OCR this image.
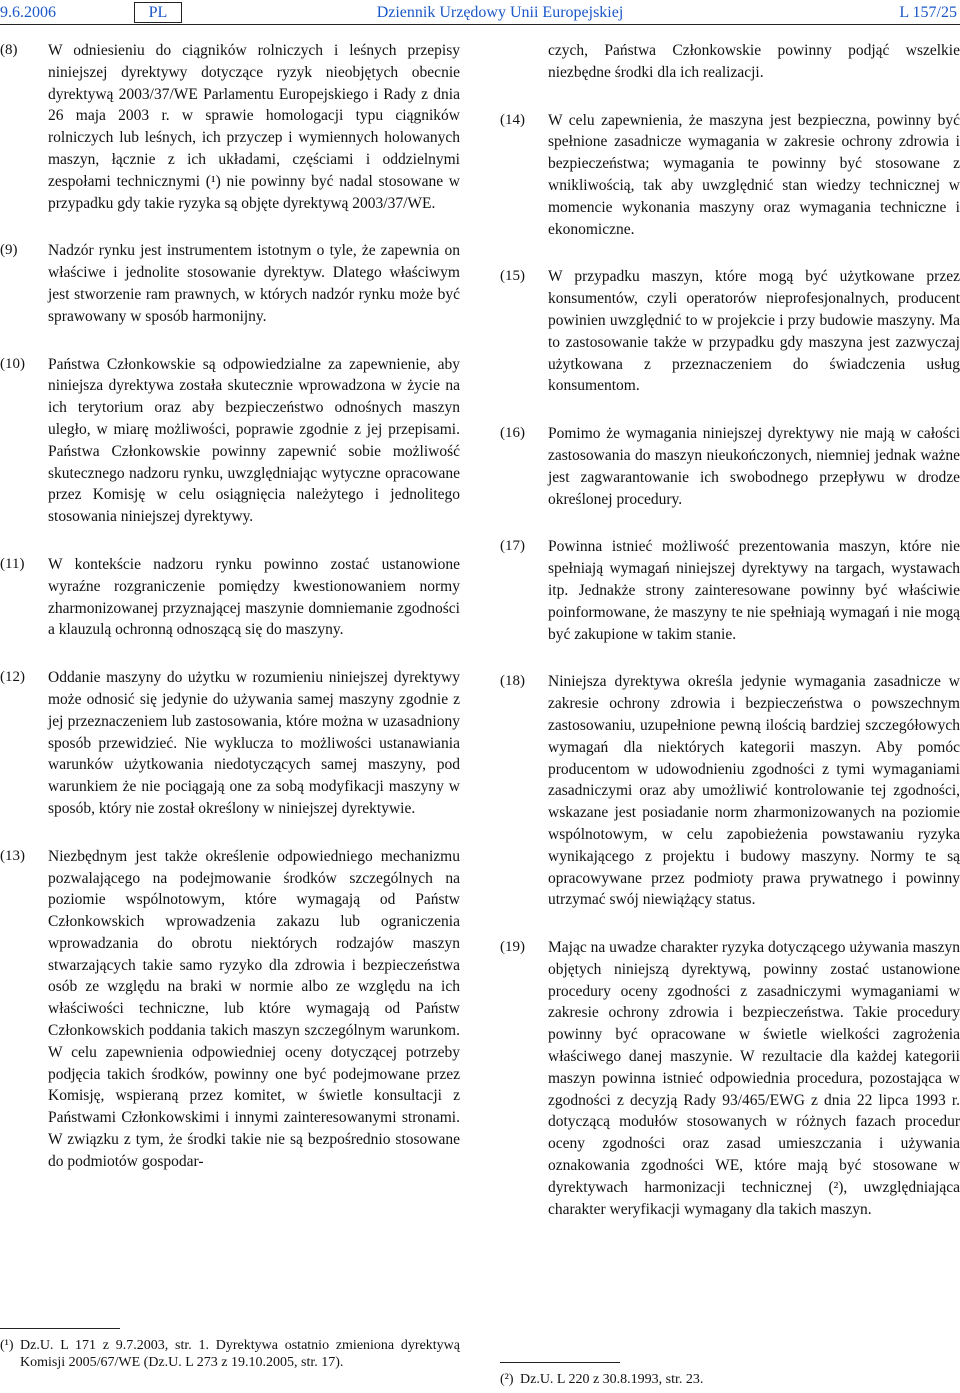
9.6.2006	PL	Dziennik Urzędowy Unii Europejskiej	L 157/25
(8)	W odniesieniu do ciągników rolniczych i leśnych przepisy niniejszej dyrektywy dotyczące ryzyk nieobjętych obecnie dyrektywą 2003/37/WE Parlamentu Europejskiego i Rady z dnia 26 maja 2003 r. w sprawie homologacji typu ciągników rolniczych lub leśnych, ich przyczep i wymiennych holowanych maszyn, łącznie z ich układami, częściami i oddzielnymi zespołami technicznymi (¹) nie powinny być nadal stosowane w przypadku gdy takie ryzyka są objęte dyrektywą 2003/37/WE.
(9)	Nadzór rynku jest instrumentem istotnym o tyle, że zapewnia on właściwe i jednolite stosowanie dyrektyw. Dlatego właściwym jest stworzenie ram prawnych, w których nadzór rynku może być sprawowany w sposób harmonijny.
(10)	Państwa Członkowskie są odpowiedzialne za zapewnienie, aby niniejsza dyrektywa została skutecznie wprowadzona w życie na ich terytorium oraz aby bezpieczeństwo odnośnych maszyn uległo, w miarę możliwości, poprawie zgodnie z jej przepisami. Państwa Członkowskie powinny zapewnić sobie możliwość skutecznego nadzoru rynku, uwzględniając wytyczne opracowane przez Komisję w celu osiągnięcia należytego i jednolitego stosowania niniejszej dyrektywy.
(11)	W kontekście nadzoru rynku powinno zostać ustanowione wyraźne rozgraniczenie pomiędzy kwestionowaniem normy zharmonizowanej przyznającej maszynie domniemanie zgodności a klauzulą ochronną odnoszącą się do maszyny.
(12)	Oddanie maszyny do użytku w rozumieniu niniejszej dyrektywy może odnosić się jedynie do używania samej maszyny zgodnie z jej przeznaczeniem lub zastosowania, które można w uzasadniony sposób przewidzieć. Nie wyklucza to możliwości ustanawiania warunków użytkowania niedotyczących samej maszyny, pod warunkiem że nie pociągają one za sobą modyfikacji maszyny w sposób, który nie został określony w niniejszej dyrektywie.
(13)	Niezbędnym jest także określenie odpowiedniego mechanizmu pozwalającego na podejmowanie środków szczególnych na poziomie wspólnotowym, które wymagają od Państw Członkowskich wprowadzenia zakazu lub ograniczenia wprowadzania do obrotu niektórych rodzajów maszyn stwarzających takie samo ryzyko dla zdrowia i bezpieczeństwa osób ze względu na braki w normie albo ze względu na ich właściwości techniczne, lub które wymagają od Państw Członkowskich poddania takich maszyn szczególnym warunkom. W celu zapewnienia odpowiedniej oceny dotyczącej potrzeby podjęcia takich środków, powinny one być podejmowane przez Komisję, wspieraną przez komitet, w świetle konsultacji z Państwami Członkowskimi i innymi zainteresowanymi stronami. W związku z tym, że środki takie nie są bezpośrednio stosowane do podmiotów gospodar-
czych, Państwa Członkowskie powinny podjąć wszelkie niezbędne środki dla ich realizacji.
(14)	W celu zapewnienia, że maszyna jest bezpieczna, powinny być spełnione zasadnicze wymagania w zakresie ochrony zdrowia i bezpieczeństwa; wymagania te powinny być stosowane z wnikliwością, tak aby uwzględnić stan wiedzy technicznej w momencie wykonania maszyny oraz wymagania techniczne i ekonomiczne.
(15)	W przypadku maszyn, które mogą być użytkowane przez konsumentów, czyli operatorów nieprofesjonalnych, producent powinien uwzględnić to w projekcie i przy budowie maszyny. Ma to zastosowanie także w przypadku gdy maszyna jest zazwyczaj użytkowana z przeznaczeniem do świadczenia usług konsumentom.
(16)	Pomimo że wymagania niniejszej dyrektywy nie mają w całości zastosowania do maszyn nieukończonych, niemniej jednak ważne jest zagwarantowanie ich swobodnego przepływu w drodze określonej procedury.
(17)	Powinna istnieć możliwość prezentowania maszyn, które nie spełniają wymagań niniejszej dyrektywy na targach, wystawach itp. Jednakże strony zainteresowane powinny być właściwie poinformowane, że maszyny te nie spełniają wymagań i nie mogą być zakupione w takim stanie.
(18)	Niniejsza dyrektywa określa jedynie wymagania zasadnicze w zakresie ochrony zdrowia i bezpieczeństwa o powszechnym zastosowaniu, uzupełnione pewną ilością bardziej szczegółowych wymagań dla niektórych kategorii maszyn. Aby pomóc producentom w udowodnieniu zgodności z tymi wymaganiami zasadniczymi oraz aby umożliwić kontrolowanie tej zgodności, wskazane jest posiadanie norm zharmonizowanych na poziomie wspólnotowym, w celu zapobieżenia powstawaniu ryzyka wynikającego z projektu i budowy maszyny. Normy te są opracowywane przez podmioty prawa prywatnego i powinny utrzymać swój niewiążący status.
(19)	Mając na uwadze charakter ryzyka dotyczącego używania maszyn objętych niniejszą dyrektywą, powinny zostać ustanowione procedury oceny zgodności z zasadniczymi wymaganiami w zakresie ochrony zdrowia i bezpieczeństwa. Takie procedury powinny być opracowane w świetle wielkości zagrożenia właściwego danej maszynie. W rezultacie dla każdej kategorii maszyn powinna istnieć odpowiednia procedura, pozostająca w zgodności z decyzją Rady 93/465/EWG z dnia 22 lipca 1993 r. dotyczącą modułów stosowanych w różnych fazach procedur oceny zgodności oraz zasad umieszczania i używania oznakowania zgodności WE, które mają być stosowane w dyrektywach harmonizacji technicznej (²), uwzględniająca charakter weryfikacji wymagany dla takich maszyn.
(¹) Dz.U. L 171 z 9.7.2003, str. 1. Dyrektywa ostatnio zmieniona dyrektywą Komisji 2005/67/WE (Dz.U. L 273 z 19.10.2005, str. 17).
(²) Dz.U. L 220 z 30.8.1993, str. 23.
